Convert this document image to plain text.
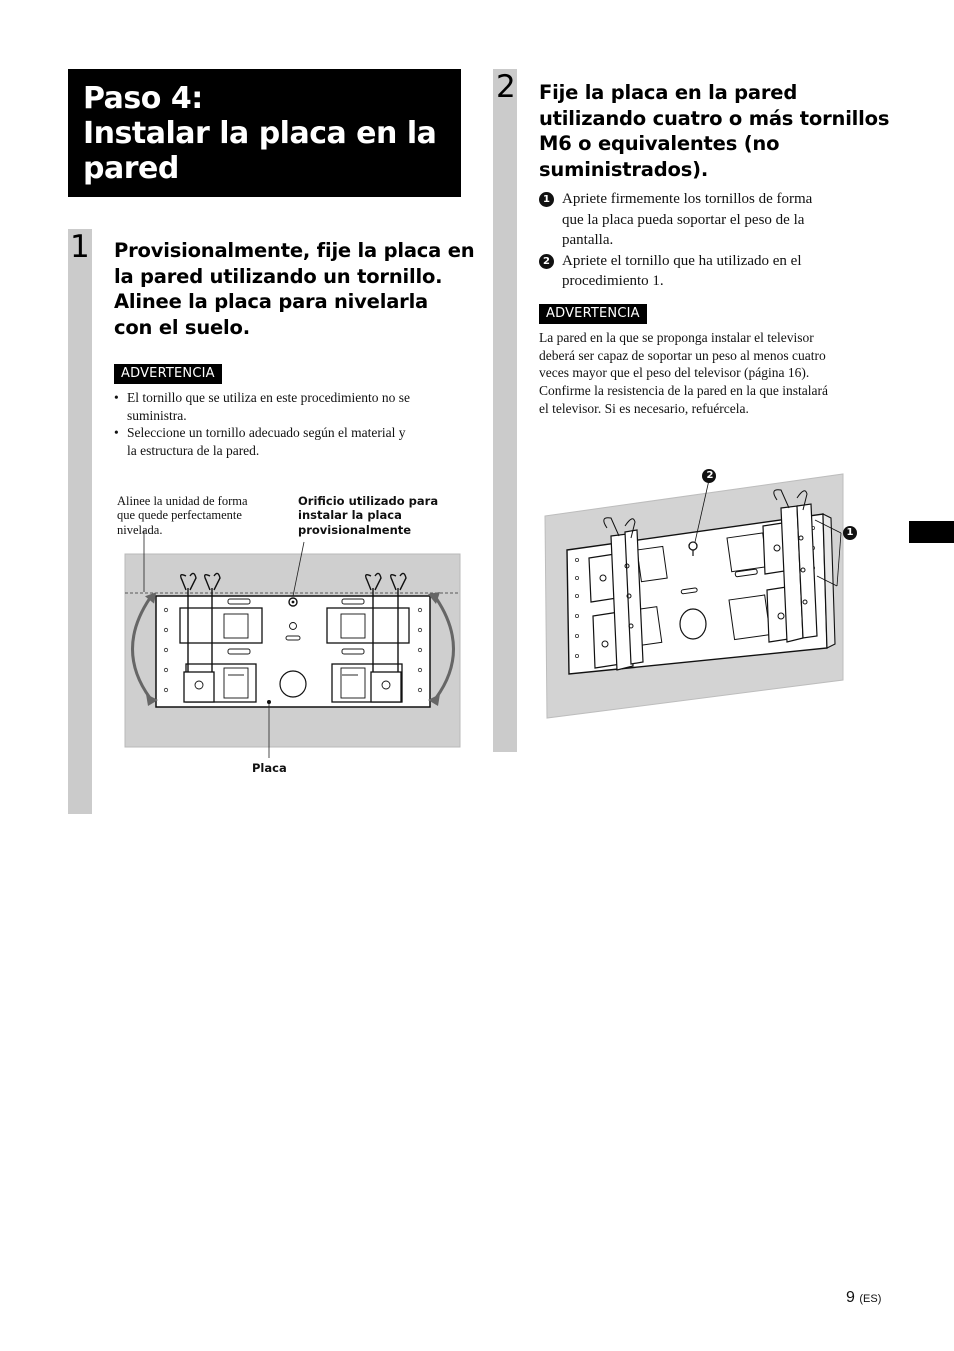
Paso 4:
Instalar la placa en la
pared
1 Provisionalmente, fije la placa en
la pared utilizando un tornillo.
Alinee la placa para nivelarla
con el suelo.
ADVERTENCIA
• El tornillo que se utiliza en este procedimiento no se
suministra.
• Seleccione un tornillo adecuado según el material y
la estructura de la pared.
Alinee la unidad de forma
que quede perfectamente
nivelada.
Orificio utilizado para
instalar la placa
provisionalmente
Placa
2 Fije la placa en la pared
utilizando cuatro o más tornillos
M6 o equivalentes (no
suministrados).
1 Apriete firmemente los tornillos de forma
que la placa pueda soportar el peso de la
pantalla.
2 Apriete el tornillo que ha utilizado en el
procedimiento 1.
ADVERTENCIA
La pared en la que se proponga instalar el televisor
deberá ser capaz de soportar un peso al menos cuatro
veces mayor que el peso del televisor (página 16).
Confirme la resistencia de la pared en la que instalará
el televisor. Si es necesario, refuércela.
2
1
9 (ES)
